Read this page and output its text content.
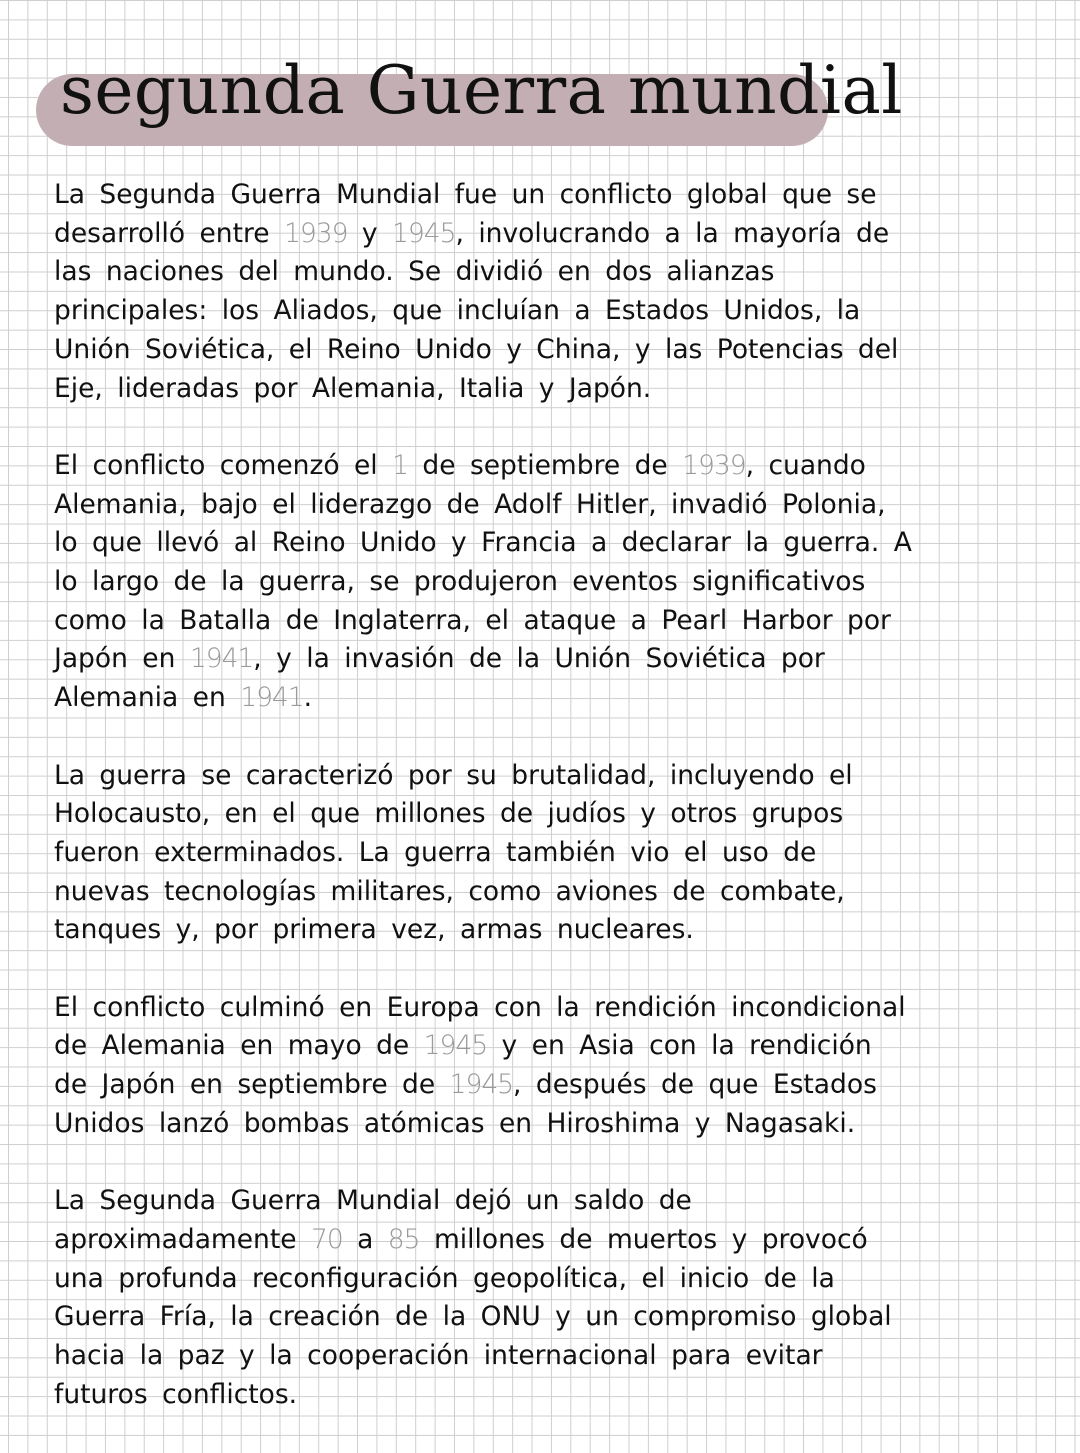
segunda Guerra mundial

La Segunda Guerra Mundial fue un conflicto global que se
desarrolló entre 1939 y 1945, involucrando a la mayoría de
las naciones del mundo. Se dividió en dos alianzas
principales: los Aliados, que incluían a Estados Unidos, la
Unión Soviética, el Reino Unido y China, y las Potencias del
Eje, lideradas por Alemania, Italia y Japón.

El conflicto comenzó el 1 de septiembre de 1939, cuando
Alemania, bajo el liderazgo de Adolf Hitler, invadió Polonia,
lo que llevó al Reino Unido y Francia a declarar la guerra. A
lo largo de la guerra, se produjeron eventos significativos
como la Batalla de Inglaterra, el ataque a Pearl Harbor por
Japón en 1941, y la invasión de la Unión Soviética por
Alemania en 1941.

La guerra se caracterizó por su brutalidad, incluyendo el
Holocausto, en el que millones de judíos y otros grupos
fueron exterminados. La guerra también vio el uso de
nuevas tecnologías militares, como aviones de combate,
tanques y, por primera vez, armas nucleares.

El conflicto culminó en Europa con la rendición incondicional
de Alemania en mayo de 1945 y en Asia con la rendición
de Japón en septiembre de 1945, después de que Estados
Unidos lanzó bombas atómicas en Hiroshima y Nagasaki.

La Segunda Guerra Mundial dejó un saldo de
aproximadamente 70 a 85 millones de muertos y provocó
una profunda reconfiguración geopolítica, el inicio de la
Guerra Fría, la creación de la ONU y un compromiso global
hacia la paz y la cooperación internacional para evitar
futuros conflictos.
